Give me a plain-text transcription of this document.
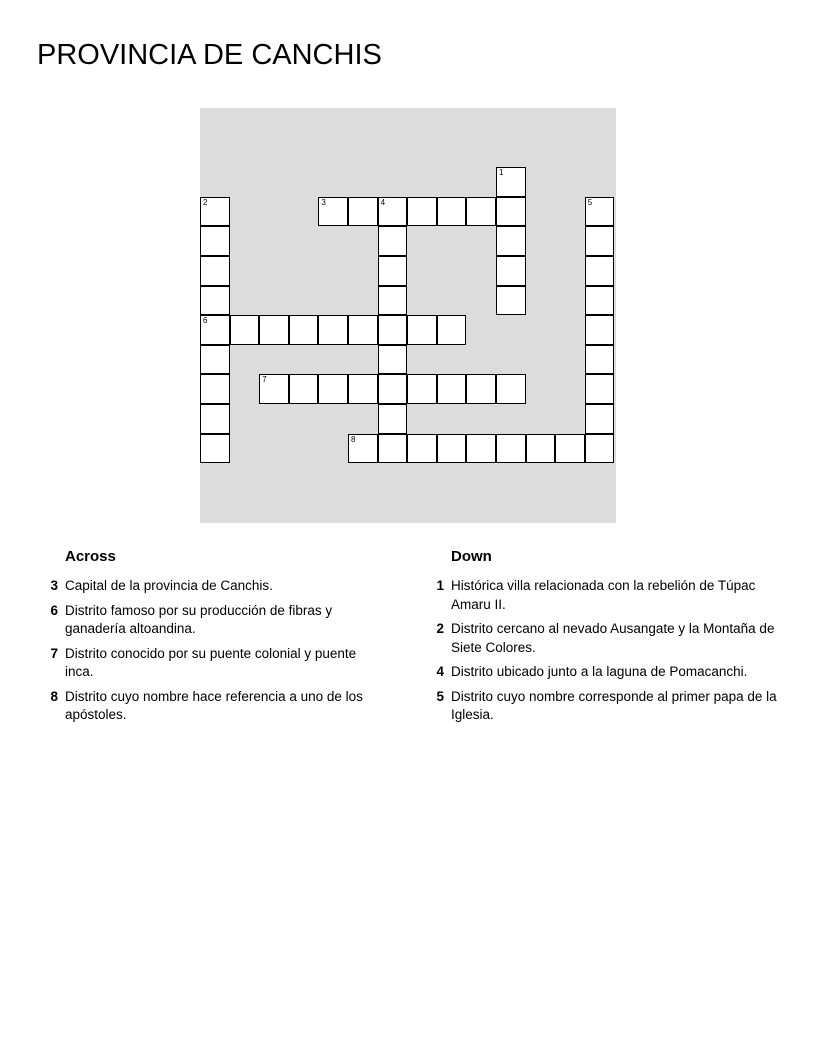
PROVINCIA DE CANCHIS
1
2
6
3	4	5
7
8
Across
3 Capital de la provincia de Canchis.
6 Distrito famoso por su producción de fibras y ganadería altoandina.
7 Distrito conocido por su puente colonial y puente inca.
8 Distrito cuyo nombre hace referencia a uno de los apóstoles.
Down
1 Histórica villa relacionada con la rebelión de Túpac Amaru II.
2 Distrito cercano al nevado Ausangate y la Montaña de Siete Colores.
4 Distrito ubicado junto a la laguna de Pomacanchi.
5 Distrito cuyo nombre corresponde al primer papa de la Iglesia.
